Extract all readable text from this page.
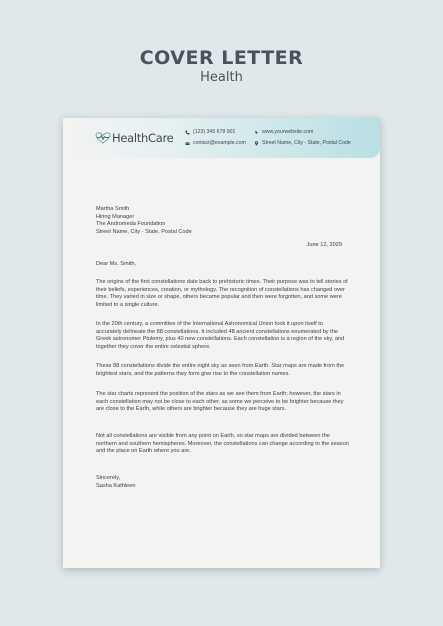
COVER LETTER
Health
HealthCare	(123) 345 678 901
contact@example.com
www.yourwebsite.com
Street Name, City - State, Postal Code
Martha Smith
Hiring Manager
The Andromeda Foundation
Street Name, City - State, Postal Code
June 12, 2029
Dear Ms. Smith,
The origins of the first constellations date back to prehistoric times. Their purpose was to tell stories of their beliefs, experiences, creation, or mythology. The recognition of constellations has changed over time. They varied in size or shape, others became popular and then were forgotten, and some were limited to a single culture.
In the 20th century, a committee of the International Astronomical Union took it upon itself to accurately delineate the 88 constellations. It included 48 ancient constellations enumerated by the Greek astronomer Ptolemy, plus 40 new constellations. Each constellation is a region of the sky, and together they cover the entire celestial sphere.
These 88 constellations divide the entire night sky as seen from Earth. Star maps are made from the brightest stars, and the patterns they form give rise to the constellation names.
The star charts represent the position of the stars as we see them from Earth; however, the stars in each constellation may not be close to each other, as some we perceive to be brighter because they are close to the Earth, while others are brighter because they are huge stars.
Not all constellations are visible from any point on Earth, so star maps are divided between the northern and southern hemispheres. Moreover, the constellations can change according to the season and the place on Earth where you are.
Sincerely,
Sasha Kathleen
